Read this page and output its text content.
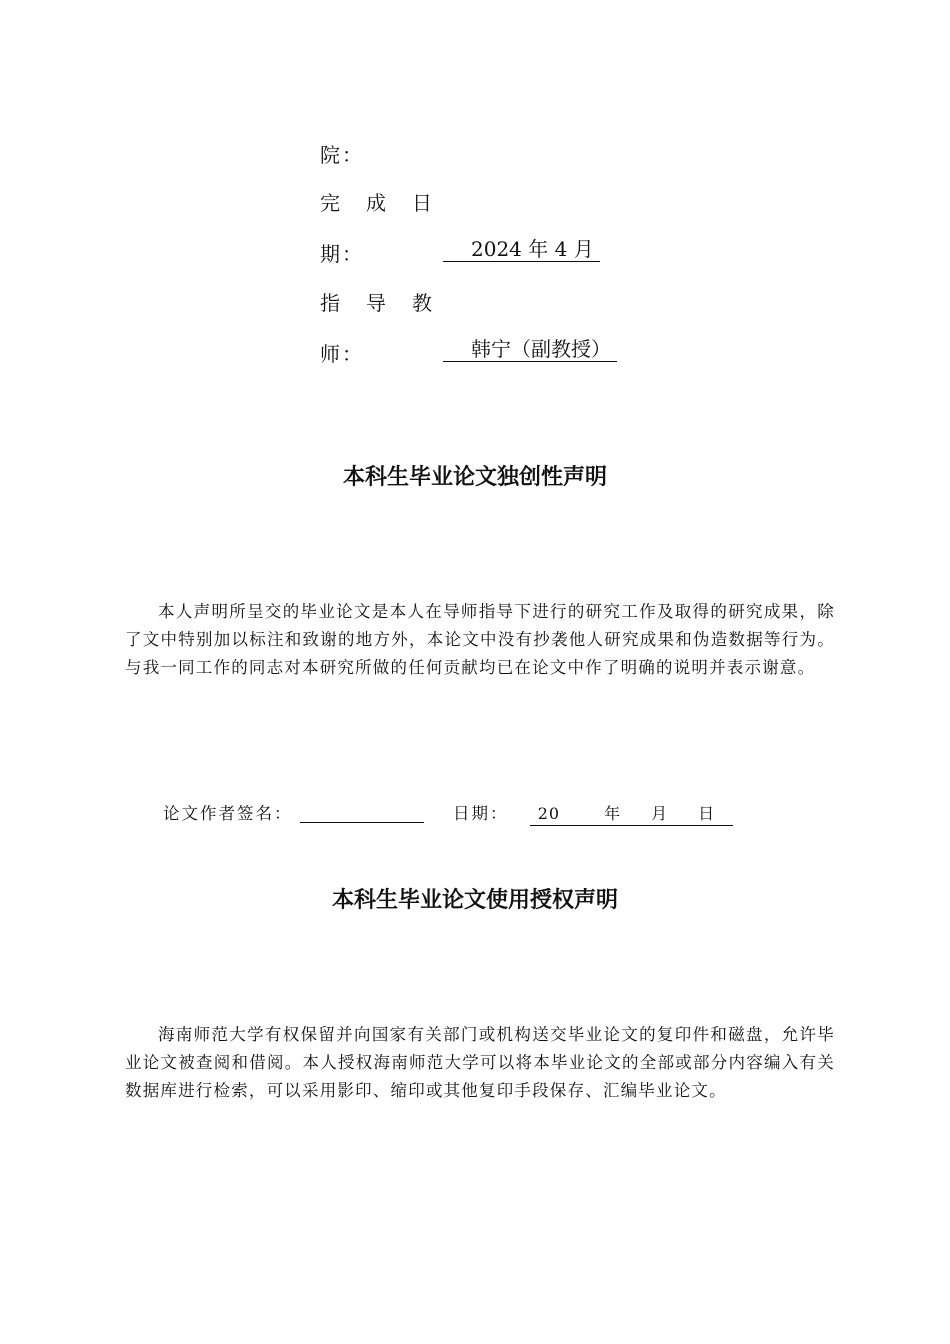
院：
完成日
期：	2024 年 4 月
指导教
师：	韩宁（副教授）
本科生毕业论文独创性声明
本人声明所呈交的毕业论文是本人在导师指导下进行的研究工作及取得的研究成果，除了文中特别加以标注和致谢的地方外，本论文中没有抄袭他人研究成果和伪造数据等行为。与我一同工作的同志对本研究所做的任何贡献均已在论文中作了明确的说明并表示谢意。
论文作者签名：	日期： 20	年 月 日
本科生毕业论文使用授权声明
海南师范大学有权保留并向国家有关部门或机构送交毕业论文的复印件和磁盘，允许毕业论文被查阅和借阅。本人授权海南师范大学可以将本毕业论文的全部或部分内容编入有关数据库进行检索，可以采用影印、缩印或其他复印手段保存、汇编毕业论文。
